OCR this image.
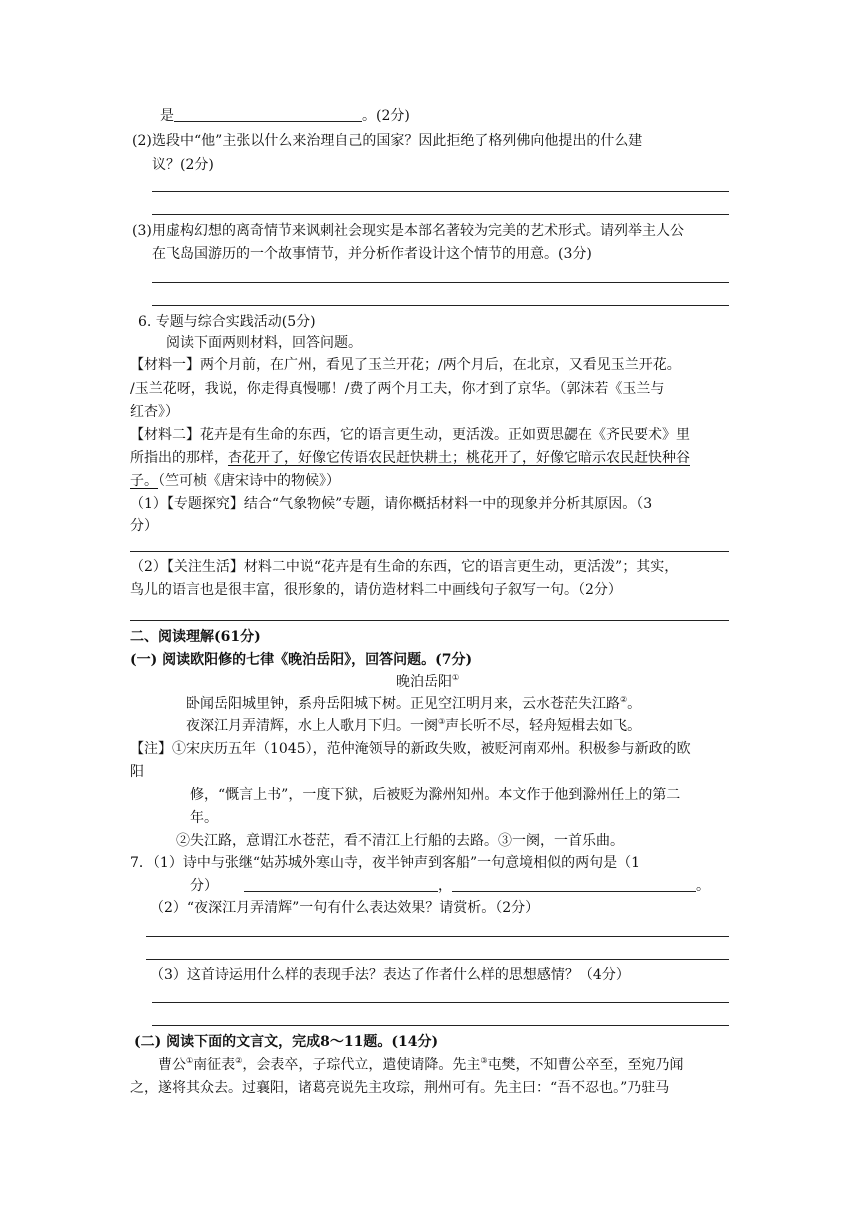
是	。(2分)
(2) 选段中“他”主张以什么来治理自己的国家？因此拒绝了格列佛向他提出的什么建
议？(2分)
(3) 用虚构幻想的离奇情节来讽刺社会现实是本部名著较为完美的艺术形式。请列举主人公
在飞岛国游历的一个故事情节，并分析作者设计这个情节的用意。(3分)
6. 专题与综合实践活动(5分)
阅读下面两则材料，回答问题。
【材料一】两个月前，在广州，看见了玉兰开花；/两个月后，在北京，又看见玉兰开花。
/玉兰花呀，我说，你走得真慢哪！/费了两个月工夫，你才到了京华。（郭沫若《玉兰与
红杏》）
【材料二】花卉是有生命的东西，它的语言更生动，更活泼。正如贾思勰在《齐民要术》里
所指出的那样，杏花开了，好像它传语农民赶快耕土；桃花开了，好像它暗示农民赶快种谷
子。（竺可桢《唐宋诗中的物候》）
（1）【专题探究】结合“气象物候”专题，请你概括材料一中的现象并分析其原因。（3
分）
（2）【关注生活】材料二中说“花卉是有生命的东西，它的语言更生动，更活泼”；其实，
鸟儿的语言也是很丰富，很形象的，请仿造材料二中画线句子叙写一句。（2分）
二、阅读理解(61分)
(一) 阅读欧阳修的七律《晚泊岳阳》，回答问题。(7分)
晚泊岳阳①
卧闻岳阳城里钟，系舟岳阳城下树。正见空江明月来，云水苍茫失江路②。
夜深江月弄清辉，水上人歌月下归。一阕③声长听不尽，轻舟短楫去如飞。
【注】①宋庆历五年（1045），范仲淹领导的新政失败，被贬河南邓州。积极参与新政的欧
阳
修，“慨言上书”，一度下狱，后被贬为滁州知州。本文作于他到滁州任上的第二
年。
②失江路，意谓江水苍茫，看不清江上行船的去路。③一阕，一首乐曲。
7．（1）诗中与张继“姑苏城外寒山寺，夜半钟声到客船”一句意境相似的两句是（1
分）	，	。
（2）“夜深江月弄清辉”一句有什么表达效果？请赏析。（2分）
（3）这首诗运用什么样的表现手法？表达了作者什么样的思想感情？（4分）
(二) 阅读下面的文言文，完成8～11题。(14分)
曹公①南征表②，会表卒，子琮代立，遣使请降。先主③屯樊，不知曹公卒至，至宛乃闻
之，遂将其众去。过襄阳，诸葛亮说先主攻琮，荆州可有。先主曰：“吾不忍也。”乃驻马
